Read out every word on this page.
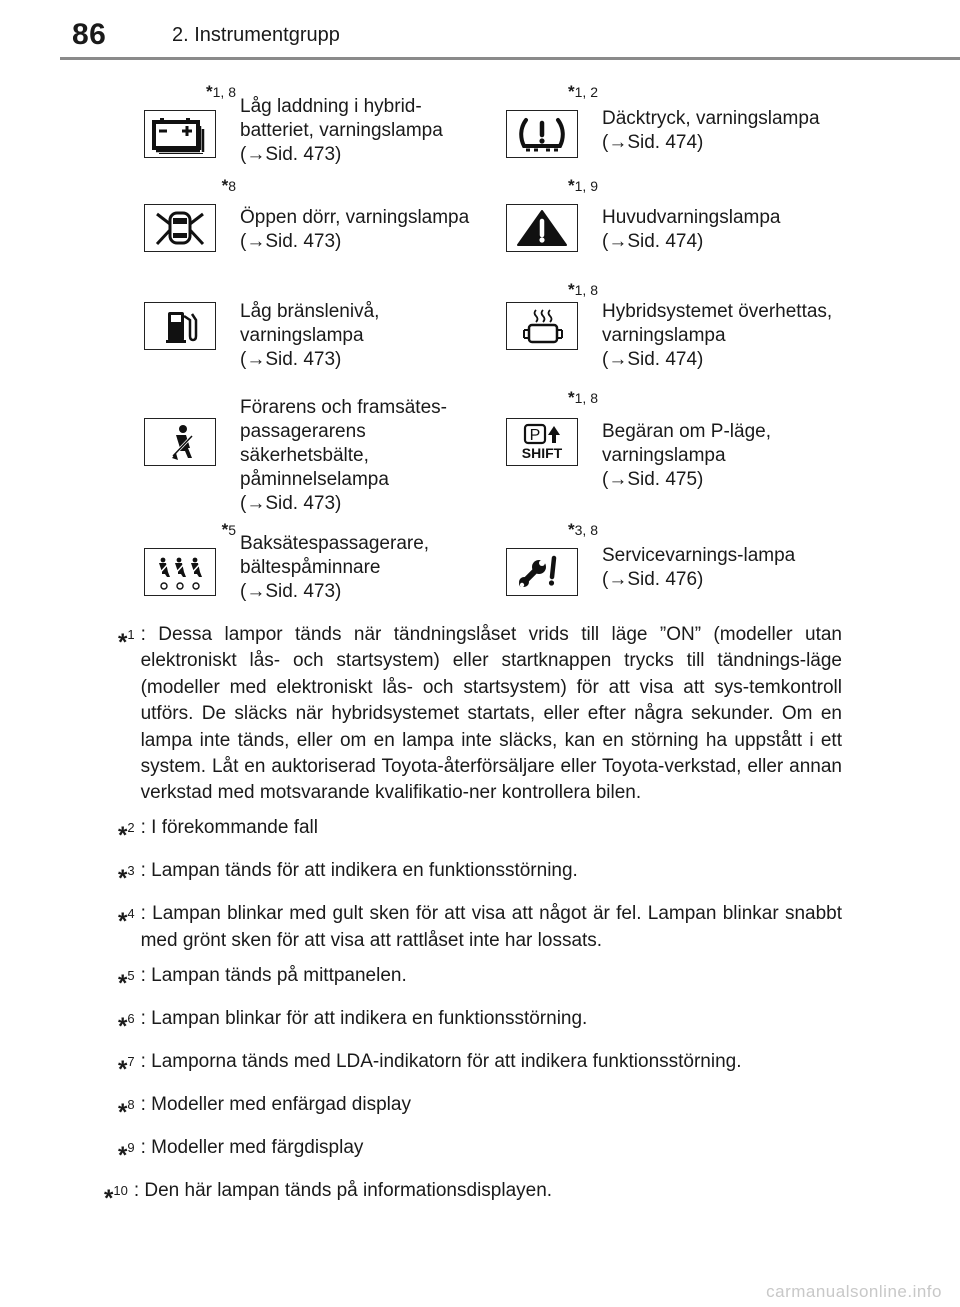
86	2. Instrumentgrupp
*1, 8
Låg laddning i hybrid-batteriet, varningslampa
(→Sid. 473)
*1, 2
Däcktryck, varningslampa
(→Sid. 474)
*8
Öppen dörr, varningslampa
(→Sid. 473)
*1, 9
Huvudvarningslampa
(→Sid. 474)
Låg bränslenivå, varningslampa
(→Sid. 473)
*1, 8
Hybridsystemet överhettas, varningslampa
(→Sid. 474)
Förarens och framsätes-passagerarens säkerhetsbälte, påminnelselampa
(→Sid. 473)
*1, 8
P
SHIFT
Begäran om P-läge, varningslampa
(→Sid. 475)
*5
Baksätespassagerare, bältespåminnare
(→Sid. 473)
*3, 8
Servicevarnings-lampa (→Sid. 476)
*$^1$ : Dessa lampor tänds när tändningslåset vrids till läge ”ON” (modeller utan elektroniskt lås- och startsystem) eller startknappen trycks till tändnings-läge (modeller med elektroniskt lås- och startsystem) för att visa att sys-temkontroll utförs. De släcks när hybridsystemet startats, eller efter några sekunder. Om en lampa inte tänds, eller om en lampa inte släcks, kan en störning ha uppstått i ett system. Låt en auktoriserad Toyota-återförsäljare eller Toyota-verkstad, eller annan verkstad med motsvarande kvalifikatio-ner kontrollera bilen.
*$^2$ : I förekommande fall
*$^3$ : Lampan tänds för att indikera en funktionsstörning.
*$^4$ : Lampan blinkar med gult sken för att visa att något är fel. Lampan blinkar snabbt med grönt sken för att visa att rattlåset inte har lossats.
*$^5$ : Lampan tänds på mittpanelen.
*$^6$ : Lampan blinkar för att indikera en funktionsstörning.
*$^7$ : Lamporna tänds med LDA-indikatorn för att indikera funktionsstörning.
*$^8$ : Modeller med enfärgad display
*$^9$ : Modeller med färgdisplay
*$^{10}$ : Den här lampan tänds på informationsdisplayen.
carmanualsonline.info
